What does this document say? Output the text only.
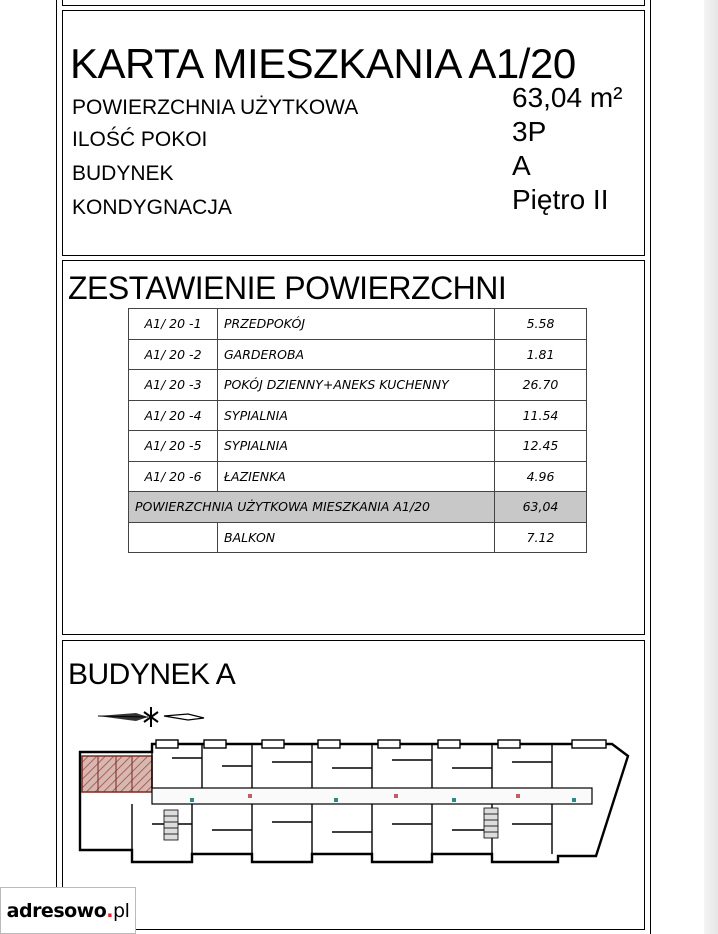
KARTA MIESZKANIA A1/20
POWIERZCHNIA UŻYTKOWA	63,04 m²
ILOŚĆ POKOI	3P
BUDYNEK	A
KONDYGNACJA	Piętro II
ZESTAWIENIE POWIERZCHNI
A1/ 20 -1	PRZEDPOKÓJ	5.58
A1/ 20 -2	GARDEROBA	1.81
A1/ 20 -3	POKÓJ DZIENNY+ANEKS KUCHENNY	26.70
A1/ 20 -4	SYPIALNIA	11.54
A1/ 20 -5	SYPIALNIA	12.45
A1/ 20 -6	ŁAZIENKA	4.96
POWIERZCHNIA UŻYTKOWA MIESZKANIA A1/20		63,04
	BALKON	7.12
BUDYNEK A
adresowo . pl
